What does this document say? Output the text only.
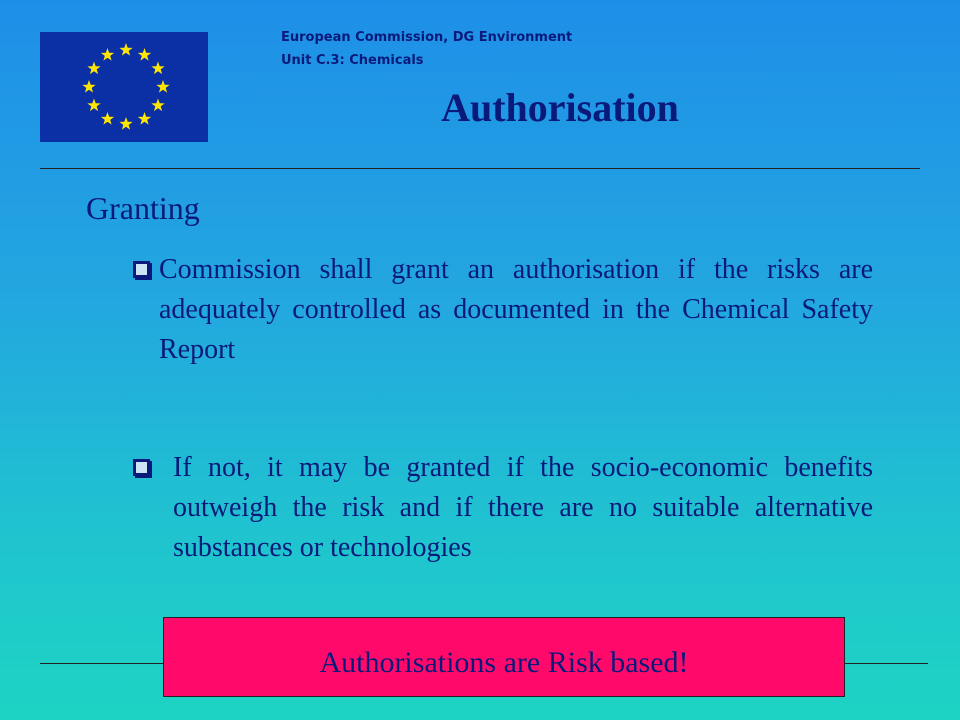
European Commission, DG Environment
Unit C.3: Chemicals
Authorisation
Granting
Commission shall grant an authorisation if the risks are adequately controlled as documented in the Chemical Safety Report
If not, it may be granted if the socio-economic benefits outweigh the risk and if there are no suitable alternative substances or technologies
Authorisations are Risk based!
